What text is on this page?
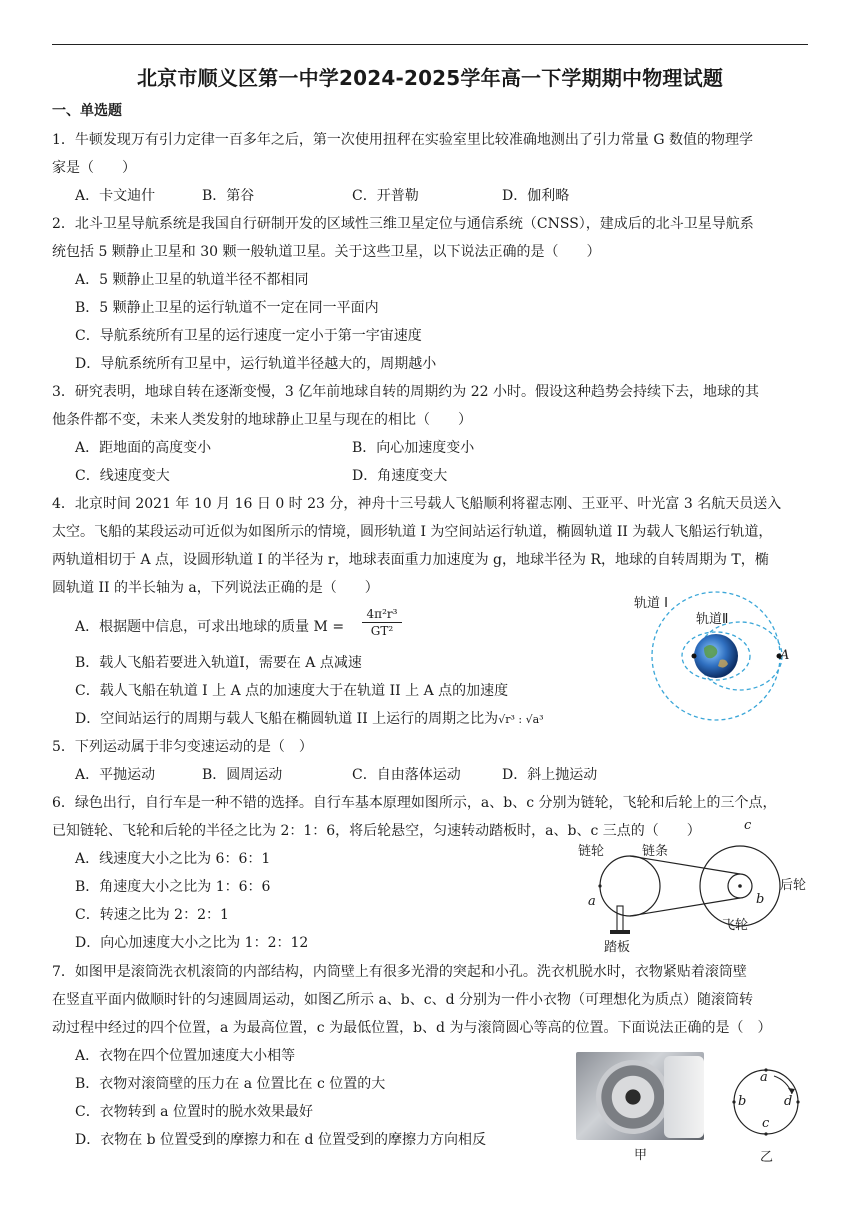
北京市顺义区第一中学2024-2025学年高一下学期期中物理试题
一、单选题
1．牛顿发现万有引力定律一百多年之后，第一次使用扭秤在实验室里比较准确地测出了引力常量 G 数值的物理学
家是（　　）
A．卡文迪什	B．第谷	C．开普勒	D．伽利略
2．北斗卫星导航系统是我国自行研制开发的区域性三维卫星定位与通信系统（CNSS），建成后的北斗卫星导航系
统包括 5 颗静止卫星和 30 颗一般轨道卫星。关于这些卫星，以下说法正确的是（　　）
A．5 颗静止卫星的轨道半径不都相同
B．5 颗静止卫星的运行轨道不一定在同一平面内
C．导航系统所有卫星的运行速度一定小于第一宇宙速度
D．导航系统所有卫星中，运行轨道半径越大的，周期越小
3．研究表明，地球自转在逐渐变慢，3 亿年前地球自转的周期约为 22 小时。假设这种趋势会持续下去，地球的其
他条件都不变，未来人类发射的地球静止卫星与现在的相比（　　）
A．距地面的高度变小	B．向心加速度变小
C．线速度变大	D．角速度变大
4．北京时间 2021 年 10 月 16 日 0 时 23 分，神舟十三号载人飞船顺利将翟志刚、王亚平、叶光富 3 名航天员送入
太空。飞船的某段运动可近似为如图所示的情境，圆形轨道 I 为空间站运行轨道，椭圆轨道 II 为载人飞船运行轨道，
两轨道相切于 A 点，设圆形轨道 I 的半径为 r，地球表面重力加速度为 g，地球半径为 R，地球的自转周期为 T，椭
圆轨道 II 的半长轴为 a，下列说法正确的是（　　）
A．根据题中信息，可求出地球的质量 $M = \frac{\text{4π²r³}}{\text{GT²}}$
B．载人飞船若要进入轨道I，需要在 A 点减速
C．载人飞船在轨道 I 上 A 点的加速度大于在轨道 II 上 A 点的加速度
D．空间站运行的周期与载人飞船在椭圆轨道 II 上运行的周期之比为√r³ : √a³
轨道 I
轨道Ⅱ
A
5．下列运动属于非匀变速运动的是（　）
A．平抛运动	B．圆周运动	C．自由落体运动	D．斜上抛运动
6．绿色出行，自行车是一种不错的选择。自行车基本原理如图所示，a、b、c 分别为链轮，飞轮和后轮上的三个点，
已知链轮、飞轮和后轮的半径之比为 2：1：6，将后轮悬空，匀速转动踏板时，a、b、c 三点的（　　）
A．线速度大小之比为 6：6：1
B．角速度大小之比为 1：6：6
C．转速之比为 2：2：1
D．向心加速度大小之比为 1：2：12
链轮	链条
c
后轮
a	b
飞轮
踏板
7．如图甲是滚筒洗衣机滚筒的内部结构，内筒壁上有很多光滑的突起和小孔。洗衣机脱水时，衣物紧贴着滚筒壁
在竖直平面内做顺时针的匀速圆周运动，如图乙所示 a、b、c、d 分别为一件小衣物（可理想化为质点）随滚筒转
动过程中经过的四个位置，a 为最高位置，c 为最低位置，b、d 为与滚筒圆心等高的位置。下面说法正确的是（　）
A．衣物在四个位置加速度大小相等
B．衣物对滚筒壁的压力在 a 位置比在 c 位置的大
C．衣物转到 a 位置时的脱水效果最好
D．衣物在 b 位置受到的摩擦力和在 d 位置受到的摩擦力方向相反
甲
a
b
c
d
乙
